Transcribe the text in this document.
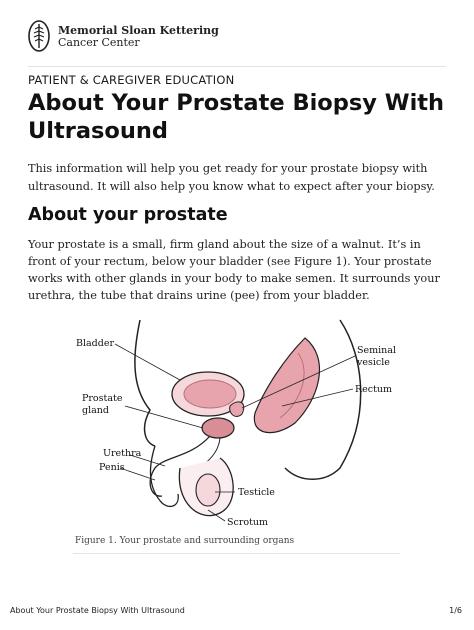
Memorial Sloan Kettering
Cancer Center
PATIENT & CAREGIVER EDUCATION
About Your Prostate Biopsy With Ultrasound

This information will help you get ready for your prostate biopsy with ultrasound. It will also help you know what to expect after your biopsy.

About your prostate

Your prostate is a small, firm gland about the size of a walnut. It’s in front of your rectum, below your bladder (see Figure 1). Your prostate works with other glands in your body to make semen. It surrounds your urethra, the tube that drains urine (pee) from your bladder.

Bladder
Prostate
gland
Urethra
Penis
Seminal
vesicle
Rectum
Testicle
Scrotum
Figure 1. Your prostate and surrounding organs
About Your Prostate Biopsy With Ultrasound	1/6
